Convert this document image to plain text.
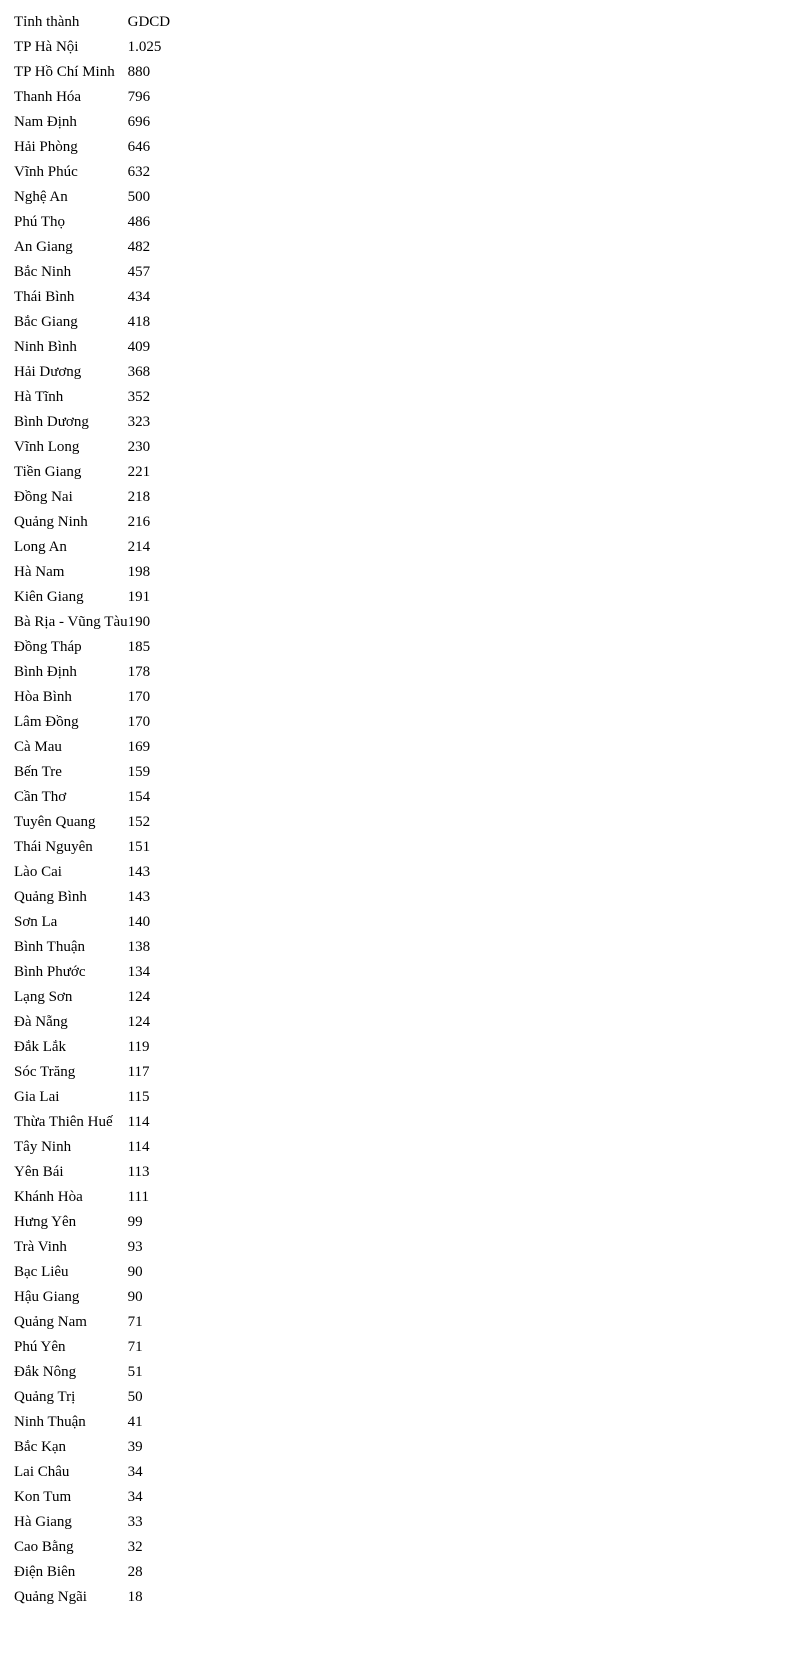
Tỉnh thành	GDCD
TP Hà Nội	1.025
TP Hồ Chí Minh	880
Thanh Hóa	796
Nam Định	696
Hải Phòng	646
Vĩnh Phúc	632
Nghệ An	500
Phú Thọ	486
An Giang	482
Bắc Ninh	457
Thái Bình	434
Bắc Giang	418
Ninh Bình	409
Hải Dương	368
Hà Tĩnh	352
Bình Dương	323
Vĩnh Long	230
Tiền Giang	221
Đồng Nai	218
Quảng Ninh	216
Long An	214
Hà Nam	198
Kiên Giang	191
Bà Rịa - Vũng Tàu	190
Đồng Tháp	185
Bình Định	178
Hòa Bình	170
Lâm Đồng	170
Cà Mau	169
Bến Tre	159
Cần Thơ	154
Tuyên Quang	152
Thái Nguyên	151
Lào Cai	143
Quảng Bình	143
Sơn La	140
Bình Thuận	138
Bình Phước	134
Lạng Sơn	124
Đà Nẵng	124
Đắk Lắk	119
Sóc Trăng	117
Gia Lai	115
Thừa Thiên Huế	114
Tây Ninh	114
Yên Bái	113
Khánh Hòa	111
Hưng Yên	99
Trà Vinh	93
Bạc Liêu	90
Hậu Giang	90
Quảng Nam	71
Phú Yên	71
Đắk Nông	51
Quảng Trị	50
Ninh Thuận	41
Bắc Kạn	39
Lai Châu	34
Kon Tum	34
Hà Giang	33
Cao Bằng	32
Điện Biên	28
Quảng Ngãi	18
